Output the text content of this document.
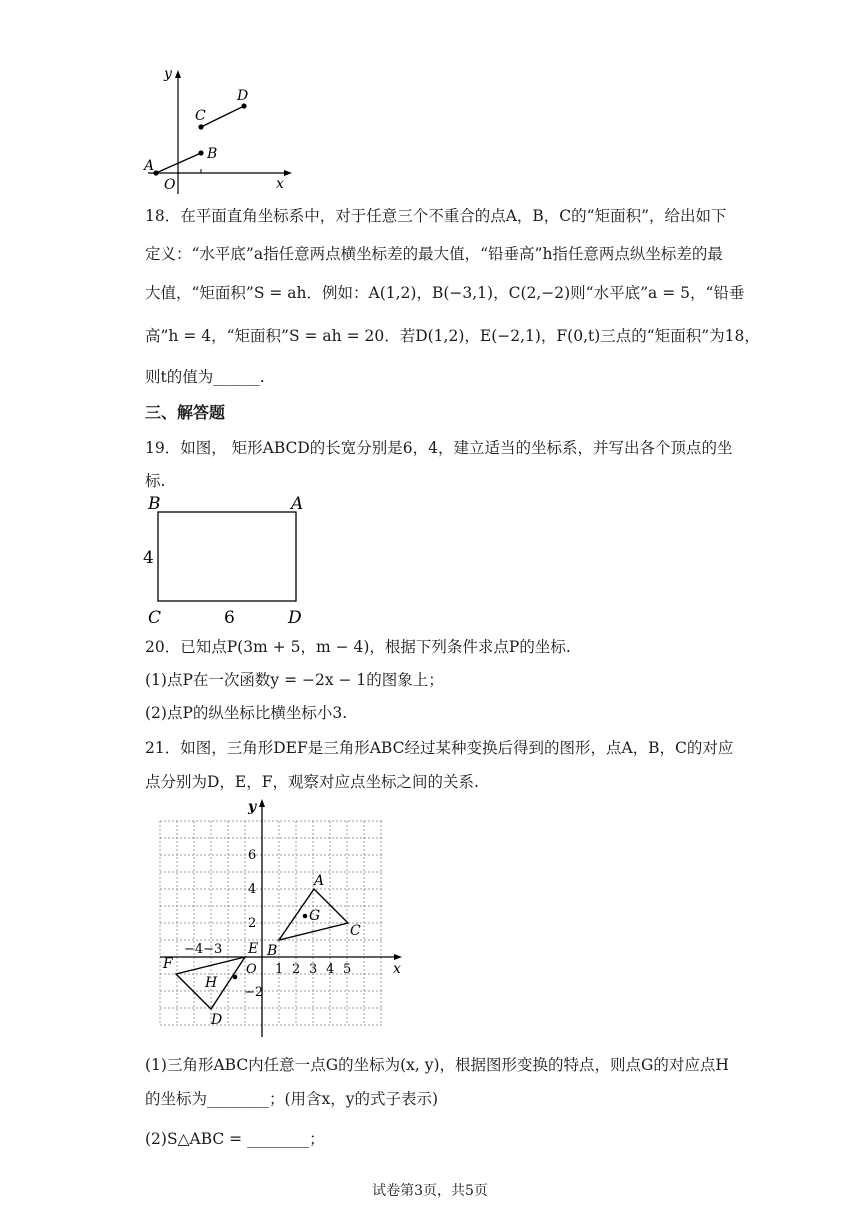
y
x
O
A
B
C
D
18．在平面直角坐标系中，对于任意三个不重合的点A，B，C的“矩面积”，给出如下
定义：“水平底”a指任意两点横坐标差的最大值，“铅垂高”h指任意两点纵坐标差的最
大值，“矩面积”S = ah．例如：A(1,2)，B(−3,1)，C(2,−2)则“水平底”a = 5，“铅垂
高”h = 4，“矩面积”S = ah = 20．若D(1,2)，E(−2,1)，F(0,t)三点的“矩面积”为18，
则t的值为______.
三、解答题
19．如图， 矩形ABCD的长宽分别是6，4，建立适当的坐标系，并写出各个顶点的坐
标.
B	A
C	D
4
6
20．已知点P(3m + 5，m − 4)，根据下列条件求点P的坐标.
(1)点P在一次函数y = −2x − 1的图象上；
(2)点P的纵坐标比横坐标小3.
21．如图，三角形DEF是三角形ABC经过某种变换后得到的图形，点A，B，C的对应
点分别为D，E，F，观察对应点坐标之间的关系.
y
x
O 1 2 3 4 5
−4−3
6
4
2
−2
A
B
C
G
D
E
F
H
(1)三角形ABC内任意一点G的坐标为(x, y)，根据图形变换的特点，则点G的对应点H
的坐标为________；(用含x，y的式子表示)
(2)S△ABC = ________；
试卷第3页，共5页
